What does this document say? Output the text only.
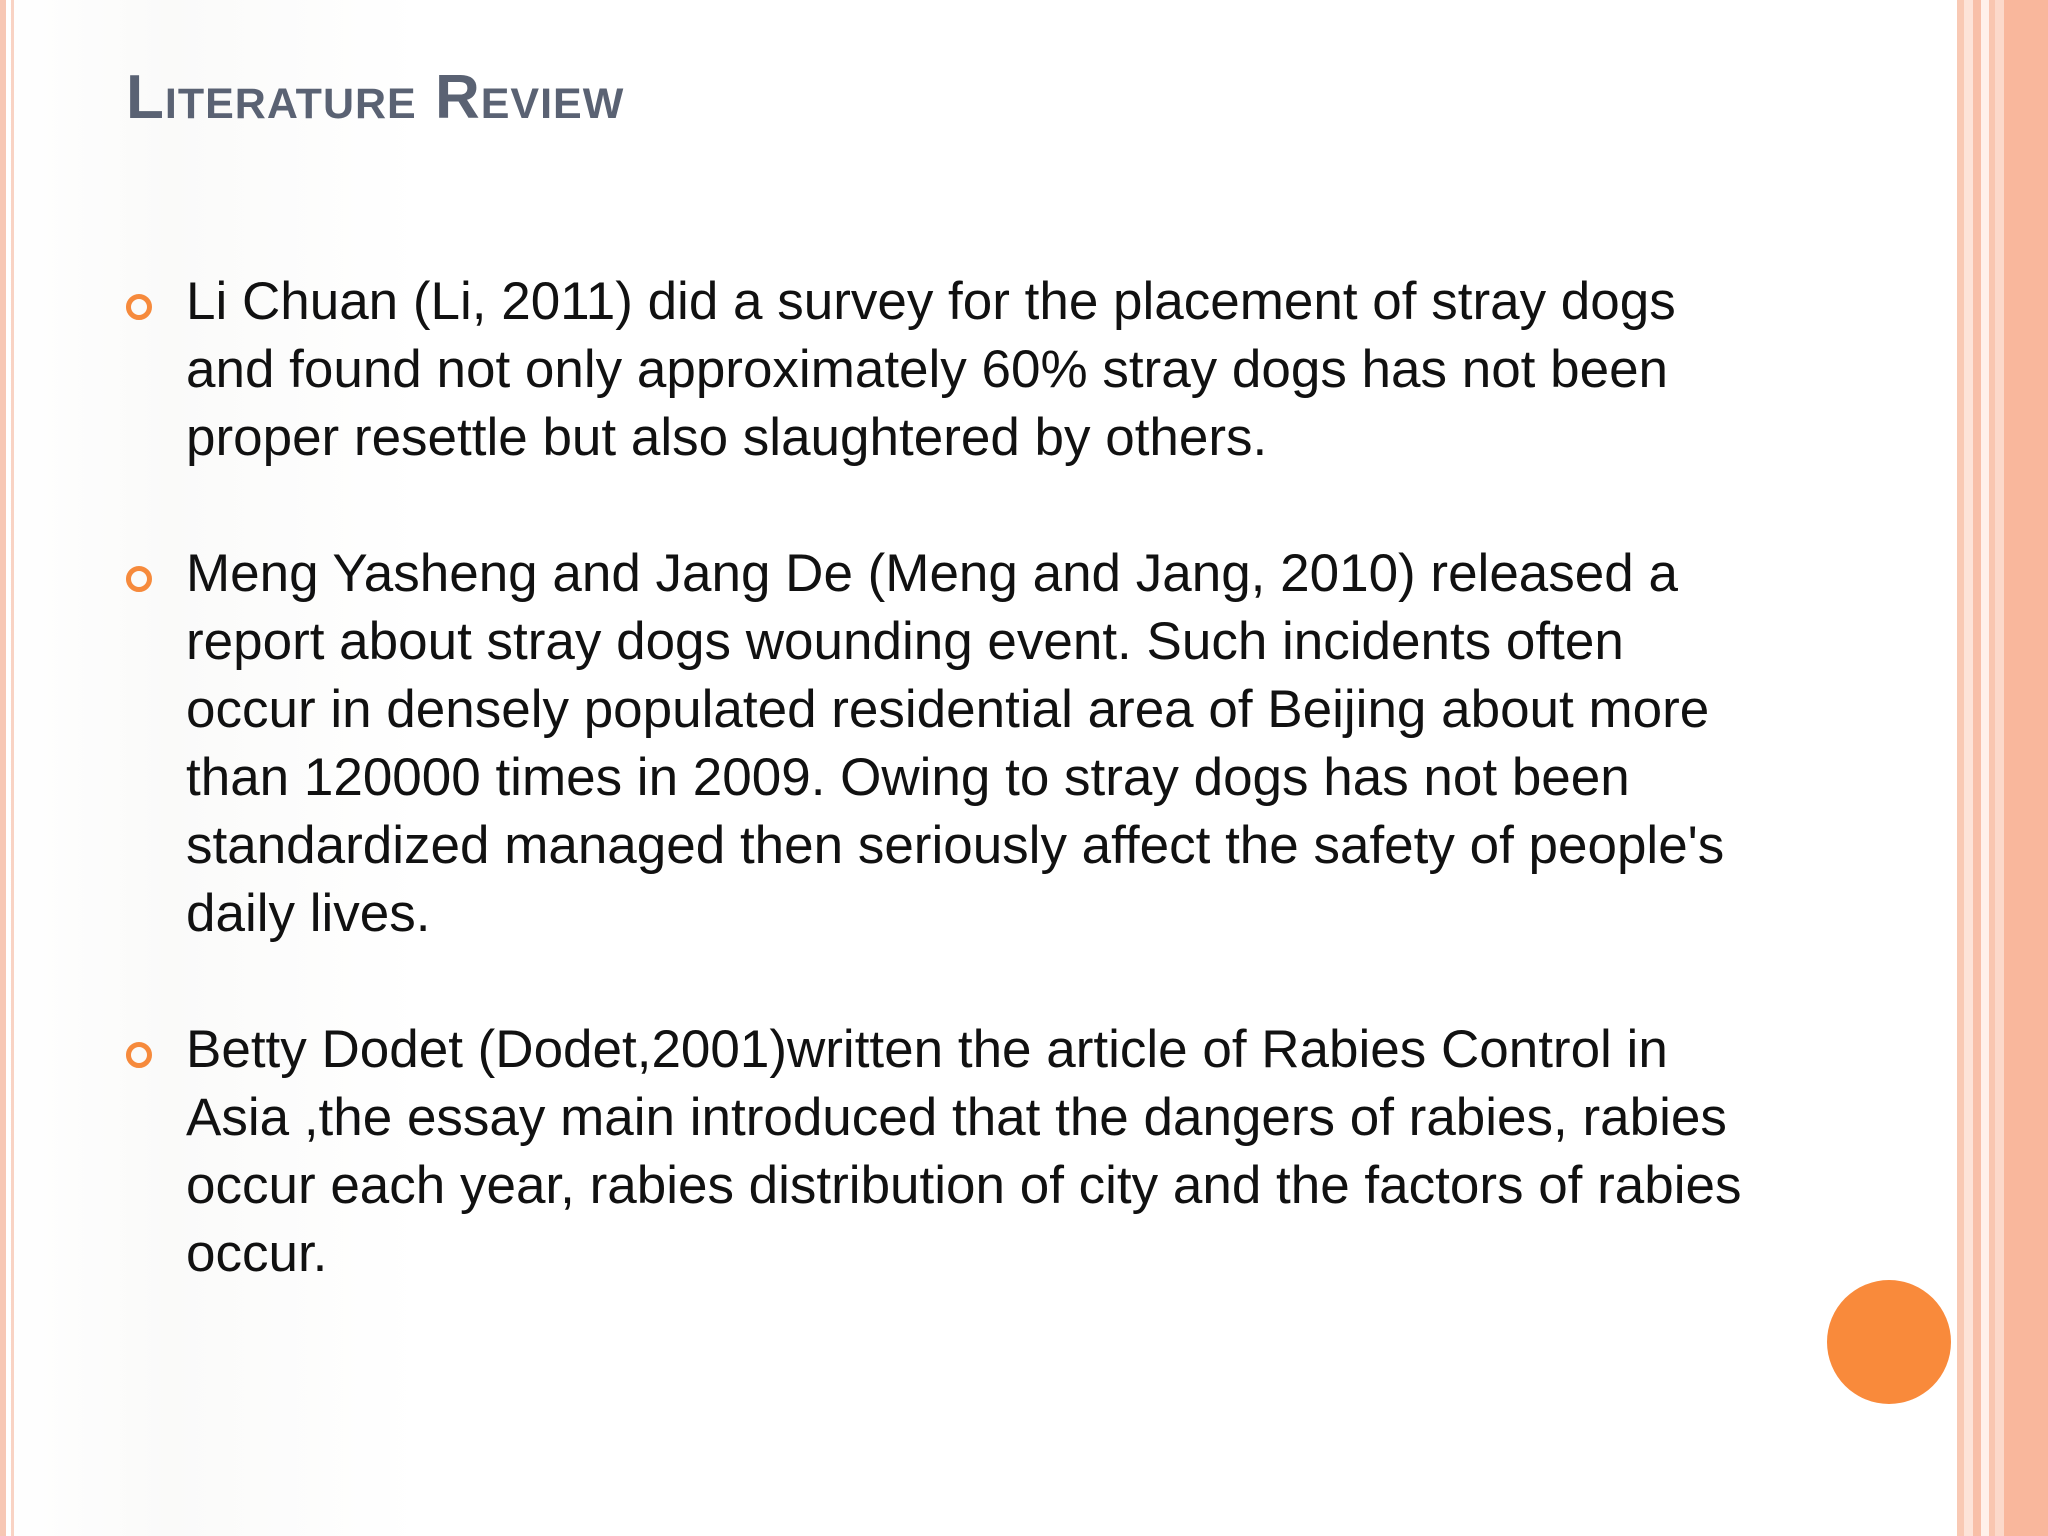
Literature Review
Li Chuan (Li, 2011) did a survey for the placement of stray dogs and found not only approximately 60% stray dogs has not been proper resettle but also slaughtered by others.
Meng Yasheng and Jang De (Meng and Jang, 2010) released a report about stray dogs wounding event. Such incidents often occur in densely populated residential area of Beijing about more than 120000 times in 2009. Owing to stray dogs has not been standardized managed then seriously affect the safety of people's daily lives.
Betty Dodet (Dodet,2001)written the article of Rabies Control in Asia ,the essay main introduced that the dangers of rabies, rabies occur each year, rabies distribution of city and the factors of rabies occur.
